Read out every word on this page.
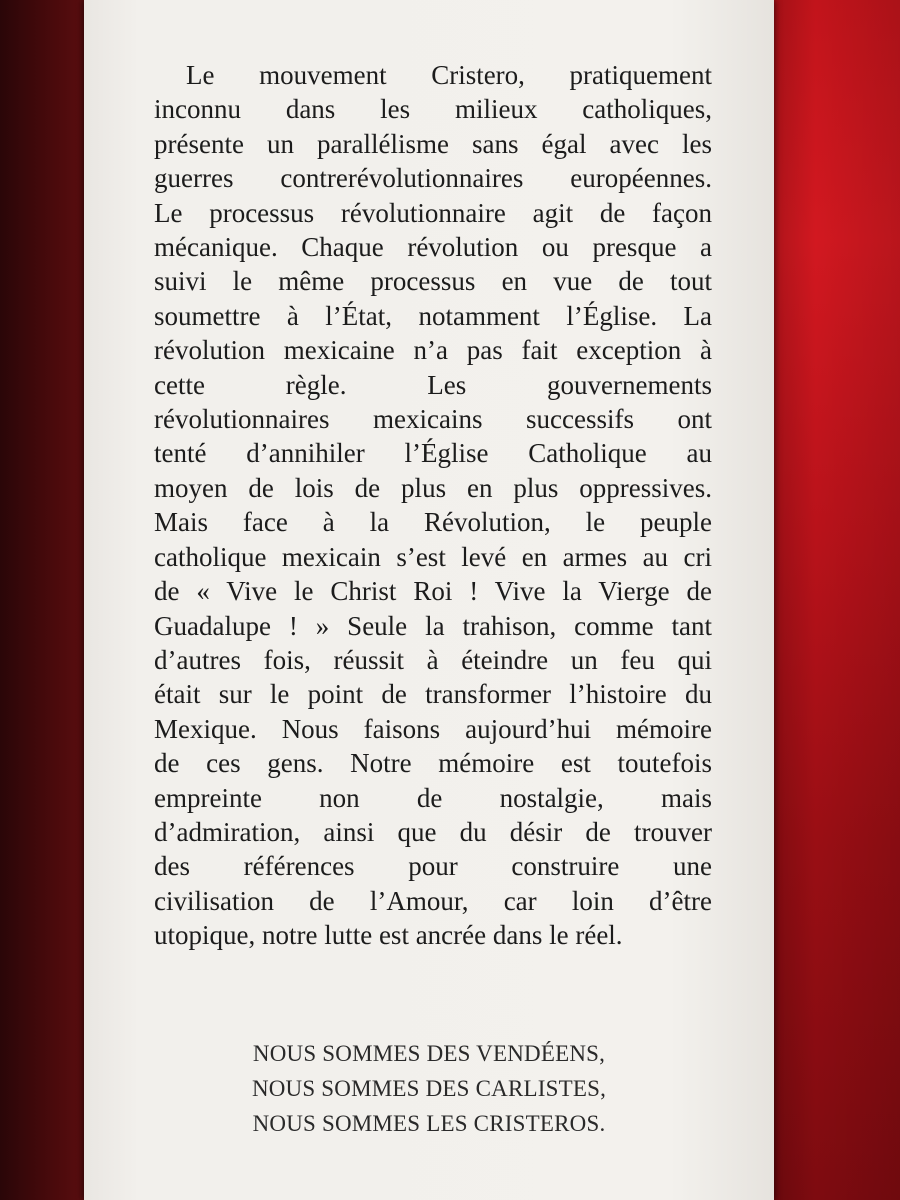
Le mouvement Cristero, pratiquement
inconnu dans les milieux catholiques,
présente un parallélisme sans égal avec les
guerres contrerévolutionnaires européennes.
Le processus révolutionnaire agit de façon
mécanique. Chaque révolution ou presque a
suivi le même processus en vue de tout
soumettre à l’État, notamment l’Église. La
révolution mexicaine n’a pas fait exception à
cette règle. Les gouvernements
révolutionnaires mexicains successifs ont
tenté d’annihiler l’Église Catholique au
moyen de lois de plus en plus oppressives.
Mais face à la Révolution, le peuple
catholique mexicain s’est levé en armes au cri
de « Vive le Christ Roi ! Vive la Vierge de
Guadalupe ! » Seule la trahison, comme tant
d’autres fois, réussit à éteindre un feu qui
était sur le point de transformer l’histoire du
Mexique. Nous faisons aujourd’hui mémoire
de ces gens. Notre mémoire est toutefois
empreinte non de nostalgie, mais
d’admiration, ainsi que du désir de trouver
des références pour construire une
civilisation de l’Amour, car loin d’être
utopique, notre lutte est ancrée dans le réel.
NOUS SOMMES DES VENDÉENS,
NOUS SOMMES DES CARLISTES,
NOUS SOMMES LES CRISTEROS.
